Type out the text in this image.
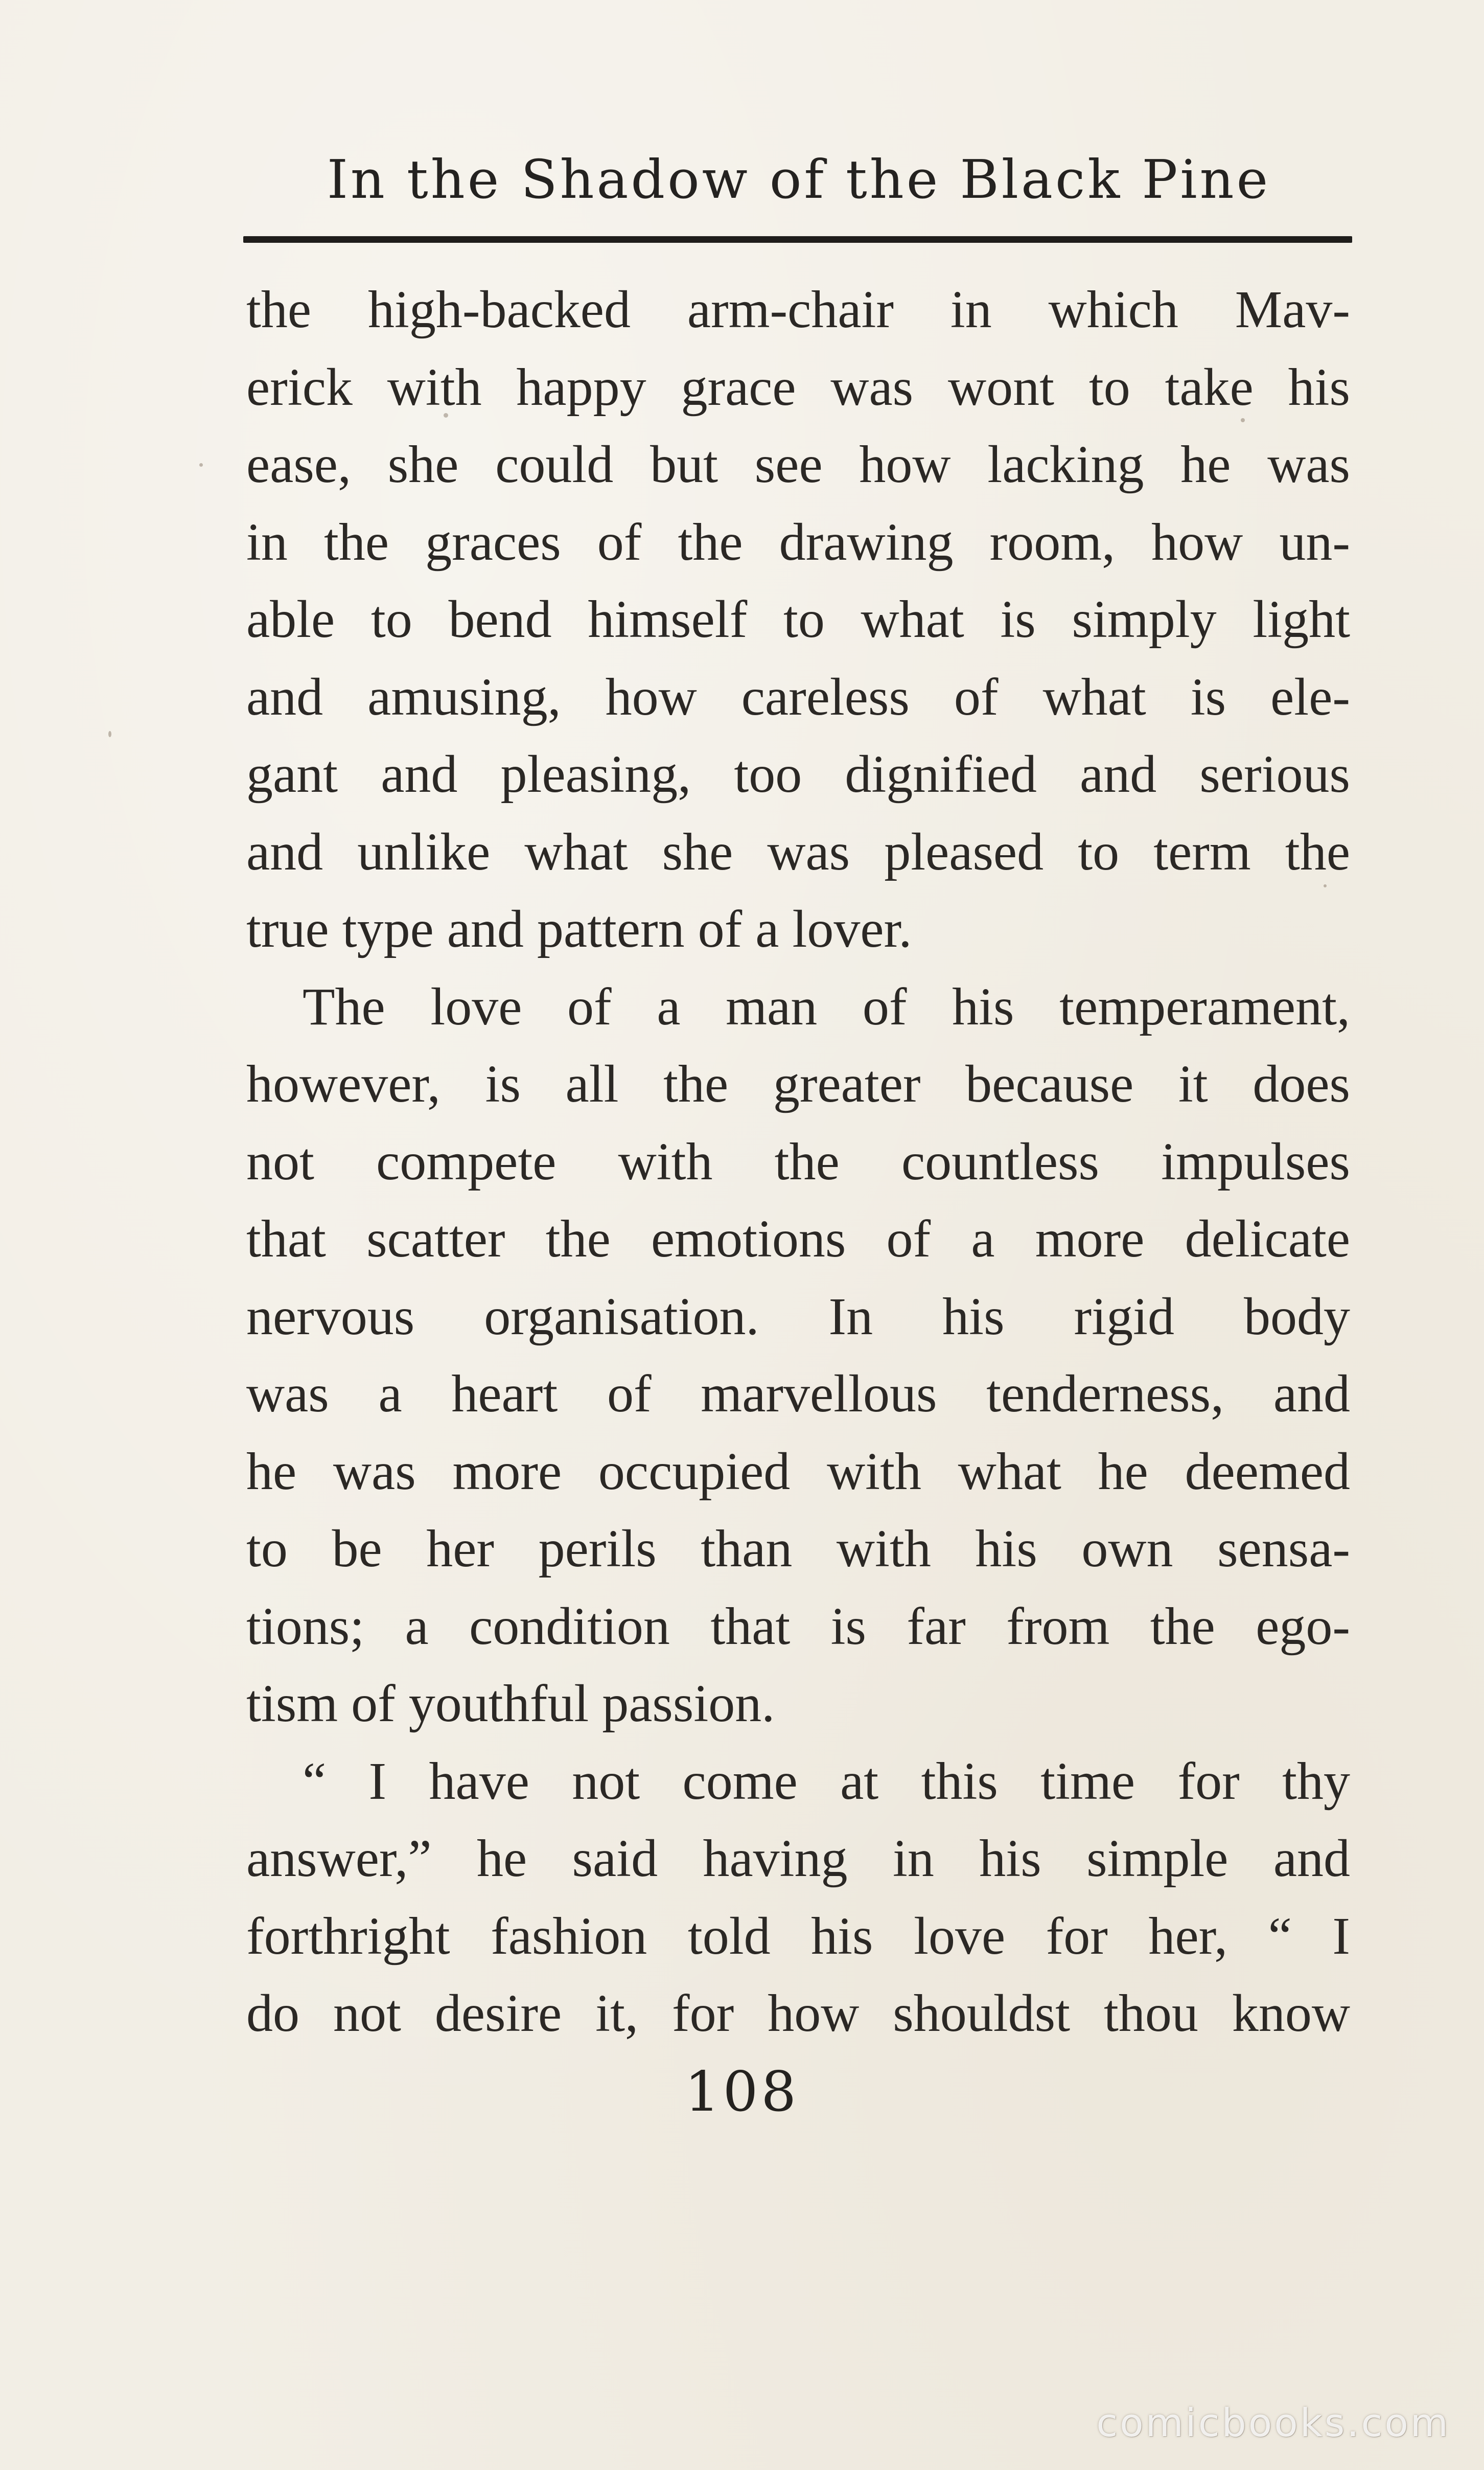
In the Shadow of the Black Pine
the high-backed arm-chair in which Mav-
erick with happy grace was wont to take his
ease, she could but see how lacking he was
in the graces of the drawing room, how un-
able to bend himself to what is simply light
and amusing, how careless of what is ele-
gant and pleasing, too dignified and serious
and unlike what she was pleased to term the
true type and pattern of a lover.
The love of a man of his temperament,
however, is all the greater because it does
not compete with the countless impulses
that scatter the emotions of a more delicate
nervous organisation. In his rigid body
was a heart of marvellous tenderness, and
he was more occupied with what he deemed
to be her perils than with his own sensa-
tions; a condition that is far from the ego-
tism of youthful passion.
“ I have not come at this time for thy
answer,” he said having in his simple and
forthright fashion told his love for her, “ I
do not desire it, for how shouldst thou know
108
comicbooks.com
